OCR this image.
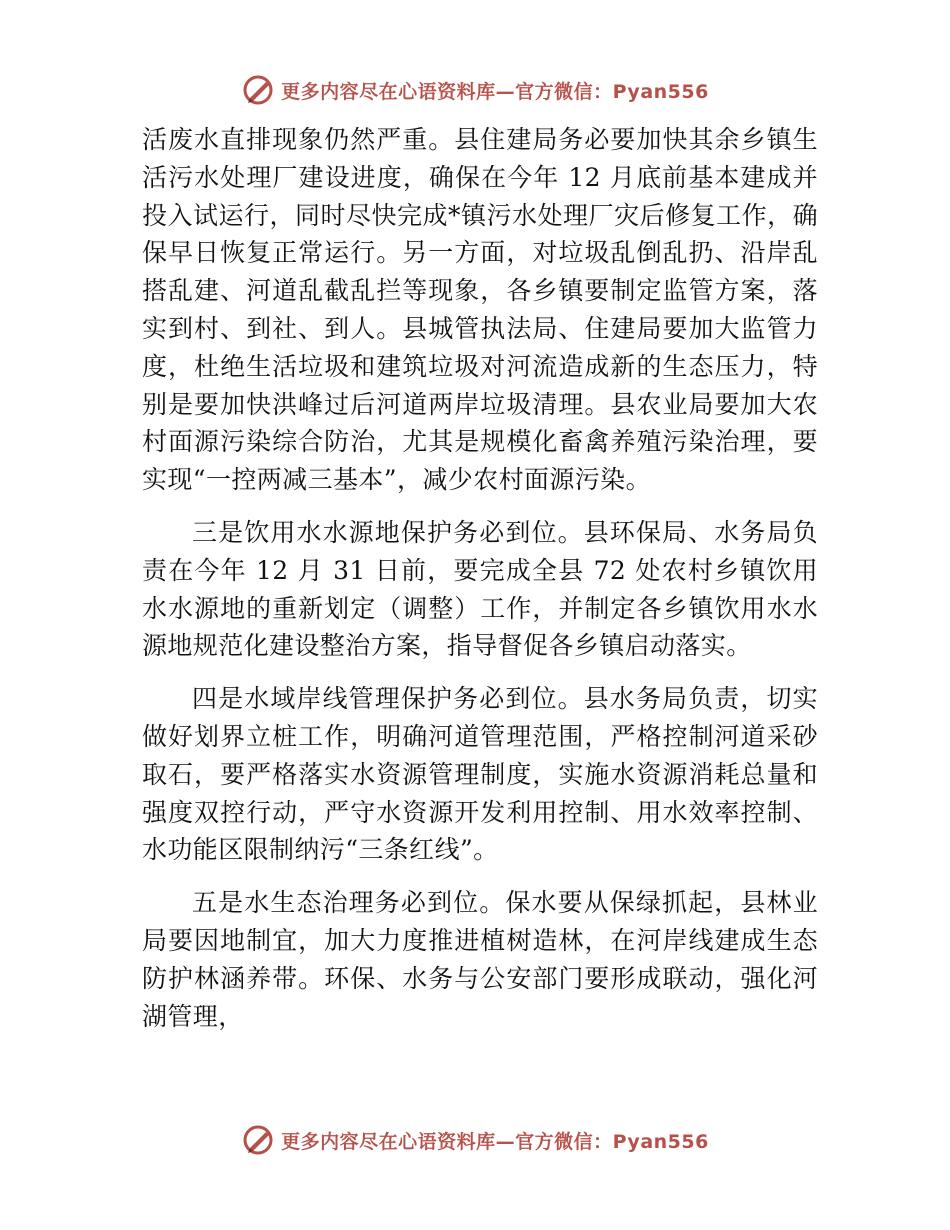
更多内容尽在心语资料库—官方微信：Pyan556

活废水直排现象仍然严重。县住建局务必要加快其余乡镇生活污水处理厂建设进度，确保在今年 12 月底前基本建成并投入试运行，同时尽快完成*镇污水处理厂灾后修复工作，确保早日恢复正常运行。另一方面，对垃圾乱倒乱扔、沿岸乱搭乱建、河道乱截乱拦等现象，各乡镇要制定监管方案，落实到村、到社、到人。县城管执法局、住建局要加大监管力度，杜绝生活垃圾和建筑垃圾对河流造成新的生态压力，特别是要加快洪峰过后河道两岸垃圾清理。县农业局要加大农村面源污染综合防治，尤其是规模化畜禽养殖污染治理，要实现“一控两减三基本”，减少农村面源污染。

三是饮用水水源地保护务必到位。县环保局、水务局负责在今年 12 月 31 日前，要完成全县 72 处农村乡镇饮用水水源地的重新划定（调整）工作，并制定各乡镇饮用水水源地规范化建设整治方案，指导督促各乡镇启动落实。

四是水域岸线管理保护务必到位。县水务局负责，切实做好划界立桩工作，明确河道管理范围，严格控制河道采砂取石，要严格落实水资源管理制度，实施水资源消耗总量和强度双控行动，严守水资源开发利用控制、用水效率控制、水功能区限制纳污“三条红线”。

五是水生态治理务必到位。保水要从保绿抓起，县林业局要因地制宜，加大力度推进植树造林，在河岸线建成生态防护林涵养带。环保、水务与公安部门要形成联动，强化河湖管理，

更多内容尽在心语资料库—官方微信：Pyan556
